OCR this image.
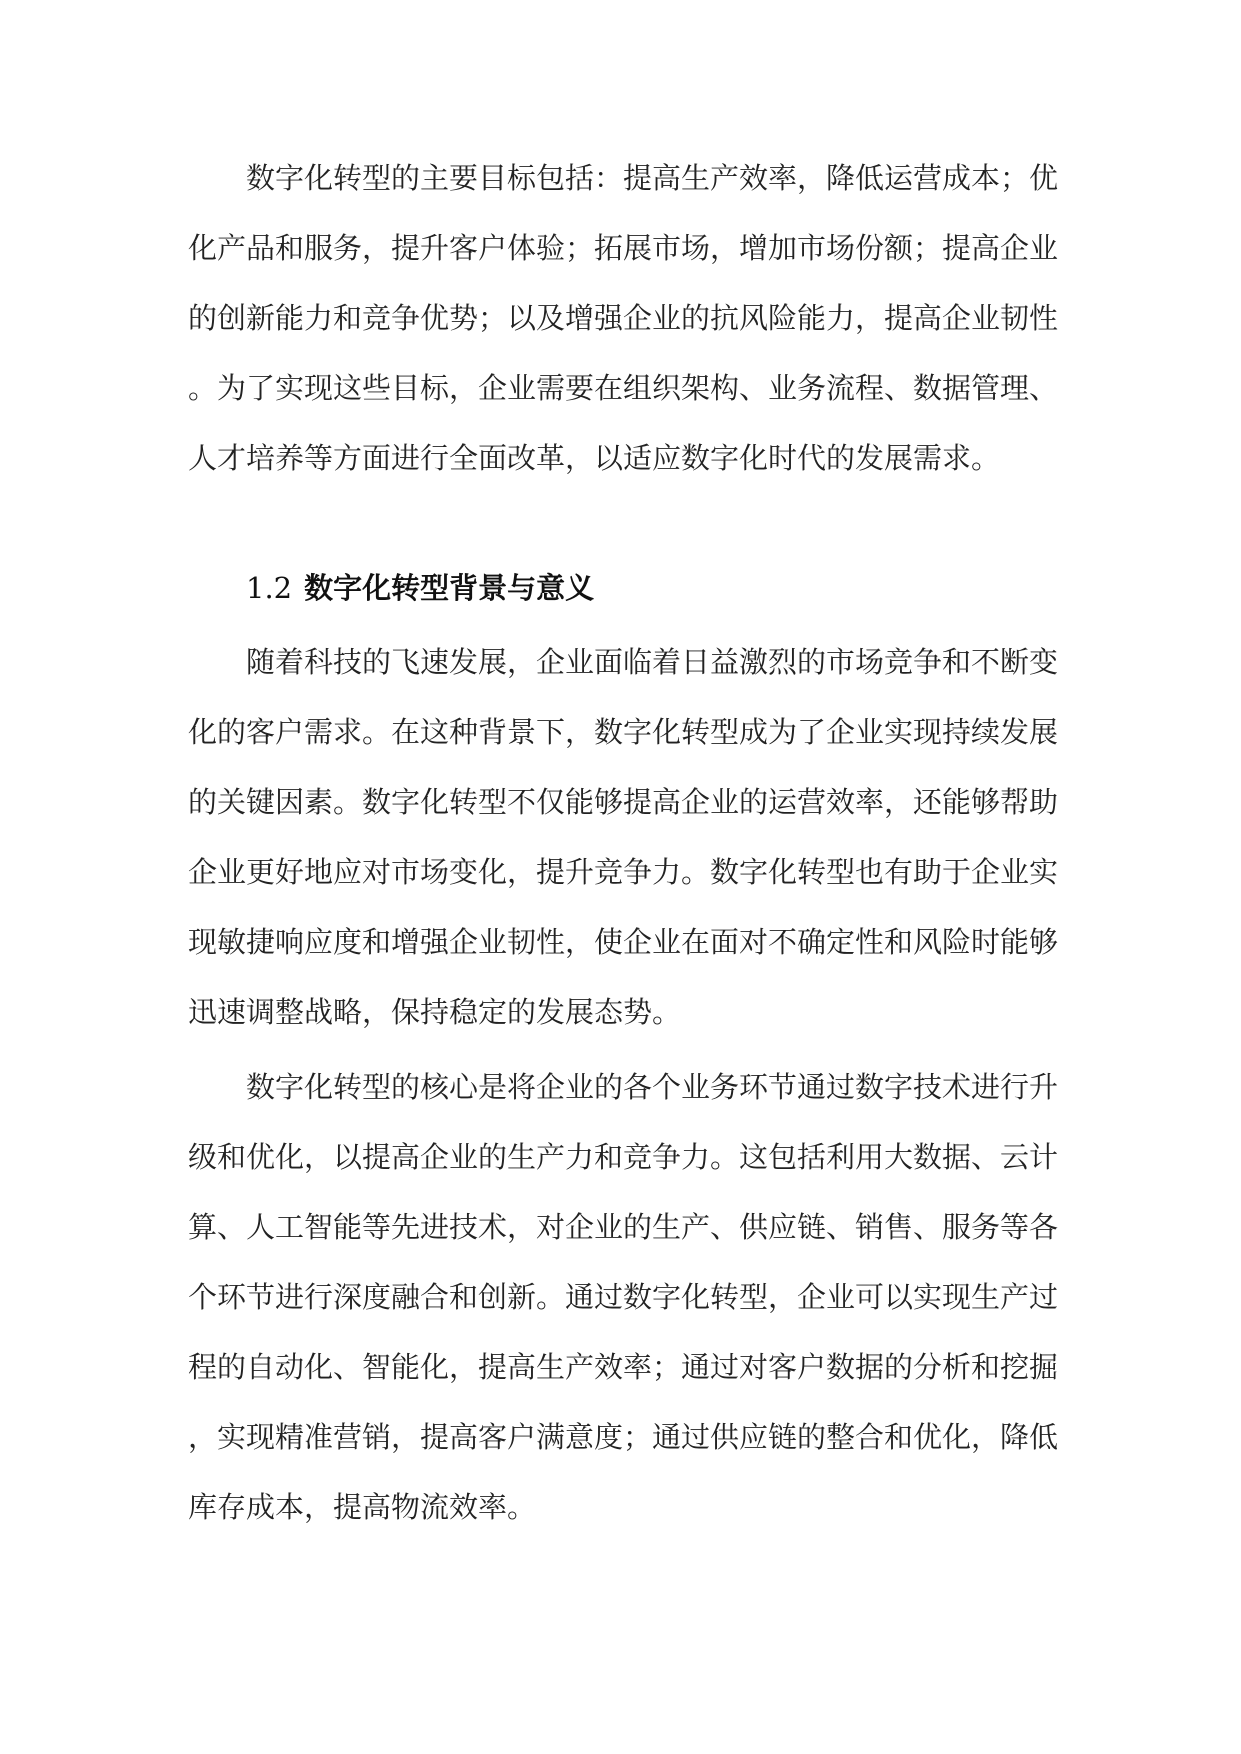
数字化转型的主要目标包括：提高生产效率，降低运营成本；优化产品和服务，提升客户体验；拓展市场，增加市场份额；提高企业的创新能力和竞争优势；以及增强企业的抗风险能力，提高企业韧性。为了实现这些目标，企业需要在组织架构、业务流程、数据管理、人才培养等方面进行全面改革，以适应数字化时代的发展需求。

1.2 数字化转型背景与意义

随着科技的飞速发展，企业面临着日益激烈的市场竞争和不断变化的客户需求。在这种背景下，数字化转型成为了企业实现持续发展的关键因素。数字化转型不仅能够提高企业的运营效率，还能够帮助企业更好地应对市场变化，提升竞争力。数字化转型也有助于企业实现敏捷响应度和增强企业韧性，使企业在面对不确定性和风险时能够迅速调整战略，保持稳定的发展态势。

数字化转型的核心是将企业的各个业务环节通过数字技术进行升级和优化，以提高企业的生产力和竞争力。这包括利用大数据、云计算、人工智能等先进技术，对企业的生产、供应链、销售、服务等各个环节进行深度融合和创新。通过数字化转型，企业可以实现生产过程的自动化、智能化，提高生产效率；通过对客户数据的分析和挖掘，实现精准营销，提高客户满意度；通过供应链的整合和优化，降低库存成本，提高物流效率。
